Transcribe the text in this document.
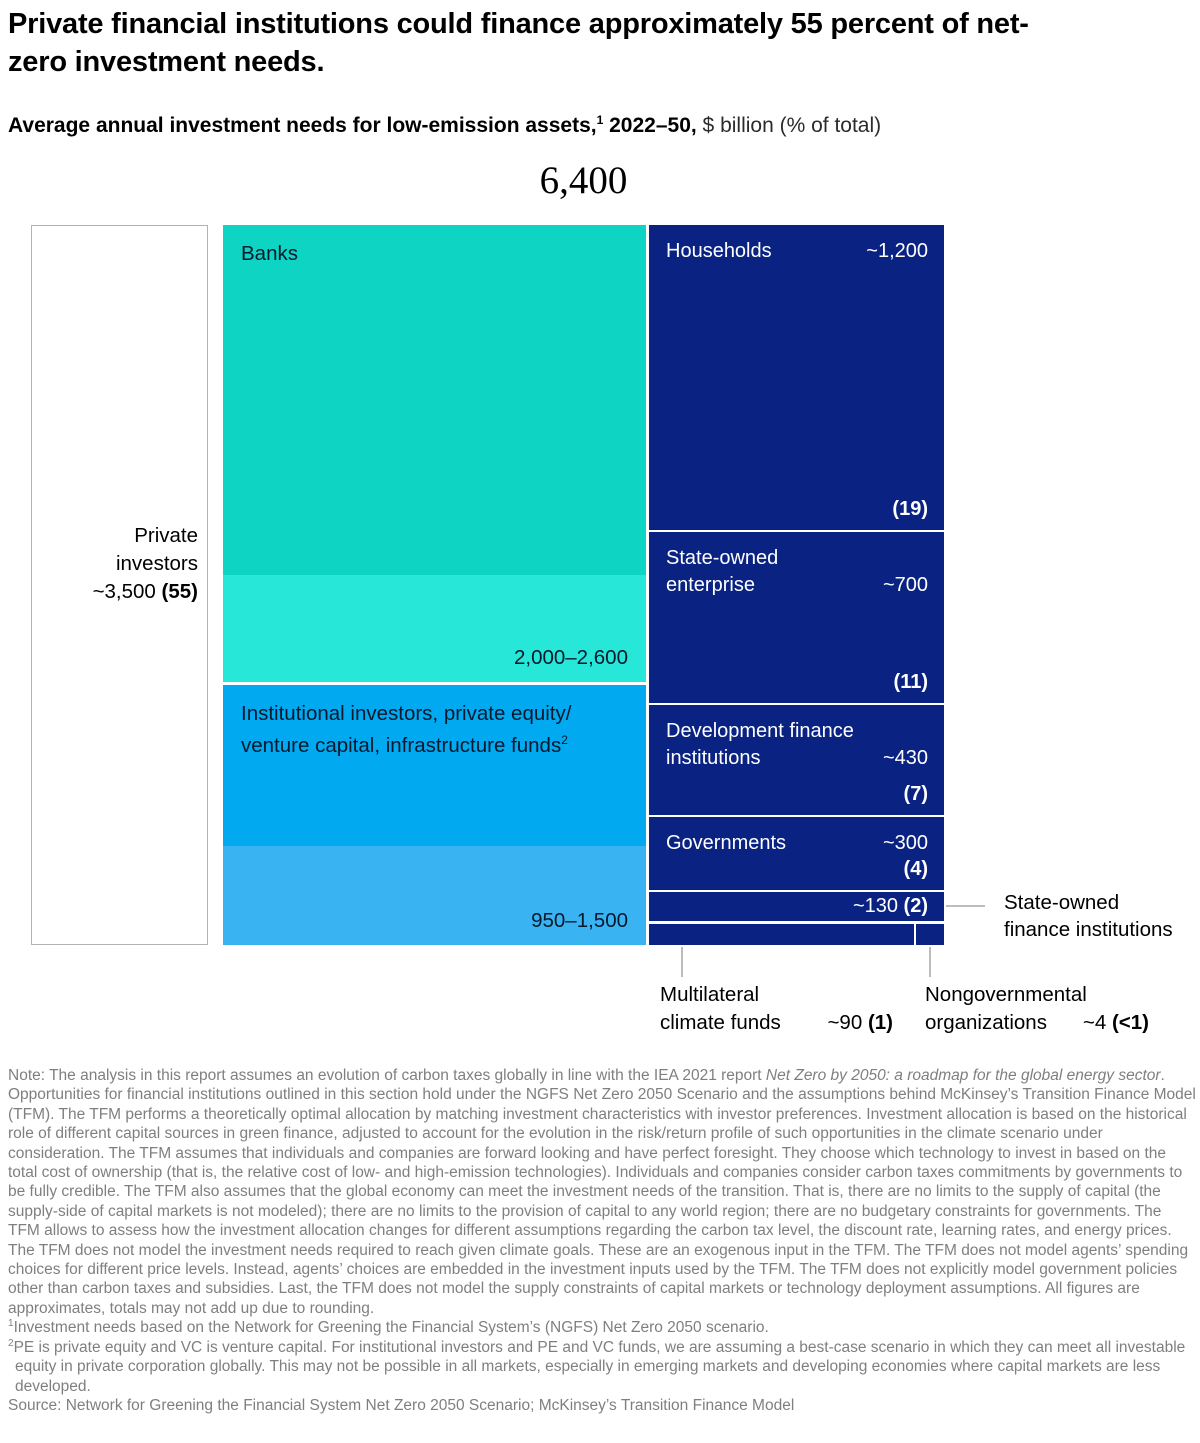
Private financial institutions could finance approximately 55 percent of net-zero investment needs.
Average annual investment needs for low-emission assets,$^1$ 2022–50, $ billion (% of total)
6,400
Private
investors
~3,500 (55)
Banks
2,000–2,600
Institutional investors, private equity/
venture capital, infrastructure funds$^2$
950–1,500
Households	~1,200
(19)
State-owned
enterprise	~700
(11)
Development finance
institutions	~430
(7)
Governments	~300
(4)
~130 (2)	State-owned
finance institutions
Multilateral
climate funds ~90 (1)
Nongovernmental
organizations ~4 (<1)
Note: The analysis in this report assumes an evolution of carbon taxes globally in line with the IEA 2021 report Net Zero by 2050: a roadmap for the global energy sector. Opportunities for financial institutions outlined in this section hold under the NGFS Net Zero 2050 Scenario and the assumptions behind McKinsey’s Transition Finance Model (TFM). The TFM performs a theoretically optimal allocation by matching investment characteristics with investor preferences. Investment allocation is based on the historical role of different capital sources in green finance, adjusted to account for the evolution in the risk/return profile of such opportunities in the climate scenario under consideration. The TFM assumes that individuals and companies are forward looking and have perfect foresight. They choose which technology to invest in based on the total cost of ownership (that is, the relative cost of low- and high-emission technologies). Individuals and companies consider carbon taxes commitments by governments to be fully credible. The TFM also assumes that the global economy can meet the investment needs of the transition. That is, there are no limits to the supply of capital (the supply-side of capital markets is not modeled); there are no limits to the provision of capital to any world region; there are no budgetary constraints for governments. The TFM allows to assess how the investment allocation changes for different assumptions regarding the carbon tax level, the discount rate, learning rates, and energy prices. The TFM does not model the investment needs required to reach given climate goals. These are an exogenous input in the TFM. The TFM does not model agents’ spending choices for different price levels. Instead, agents’ choices are embedded in the investment inputs used by the TFM. The TFM does not explicitly model government policies other than carbon taxes and subsidies. Last, the TFM does not model the supply constraints of capital markets or technology deployment assumptions. All figures are approximates, totals may not add up due to rounding.
$^1$Investment needs based on the Network for Greening the Financial System’s (NGFS) Net Zero 2050 scenario.
$^2$PE is private equity and VC is venture capital. For institutional investors and PE and VC funds, we are assuming a best-case scenario in which they can meet all investable equity in private corporation globally. This may not be possible in all markets, especially in emerging markets and developing economies where capital markets are less developed.
Source: Network for Greening the Financial System Net Zero 2050 Scenario; McKinsey’s Transition Finance Model
